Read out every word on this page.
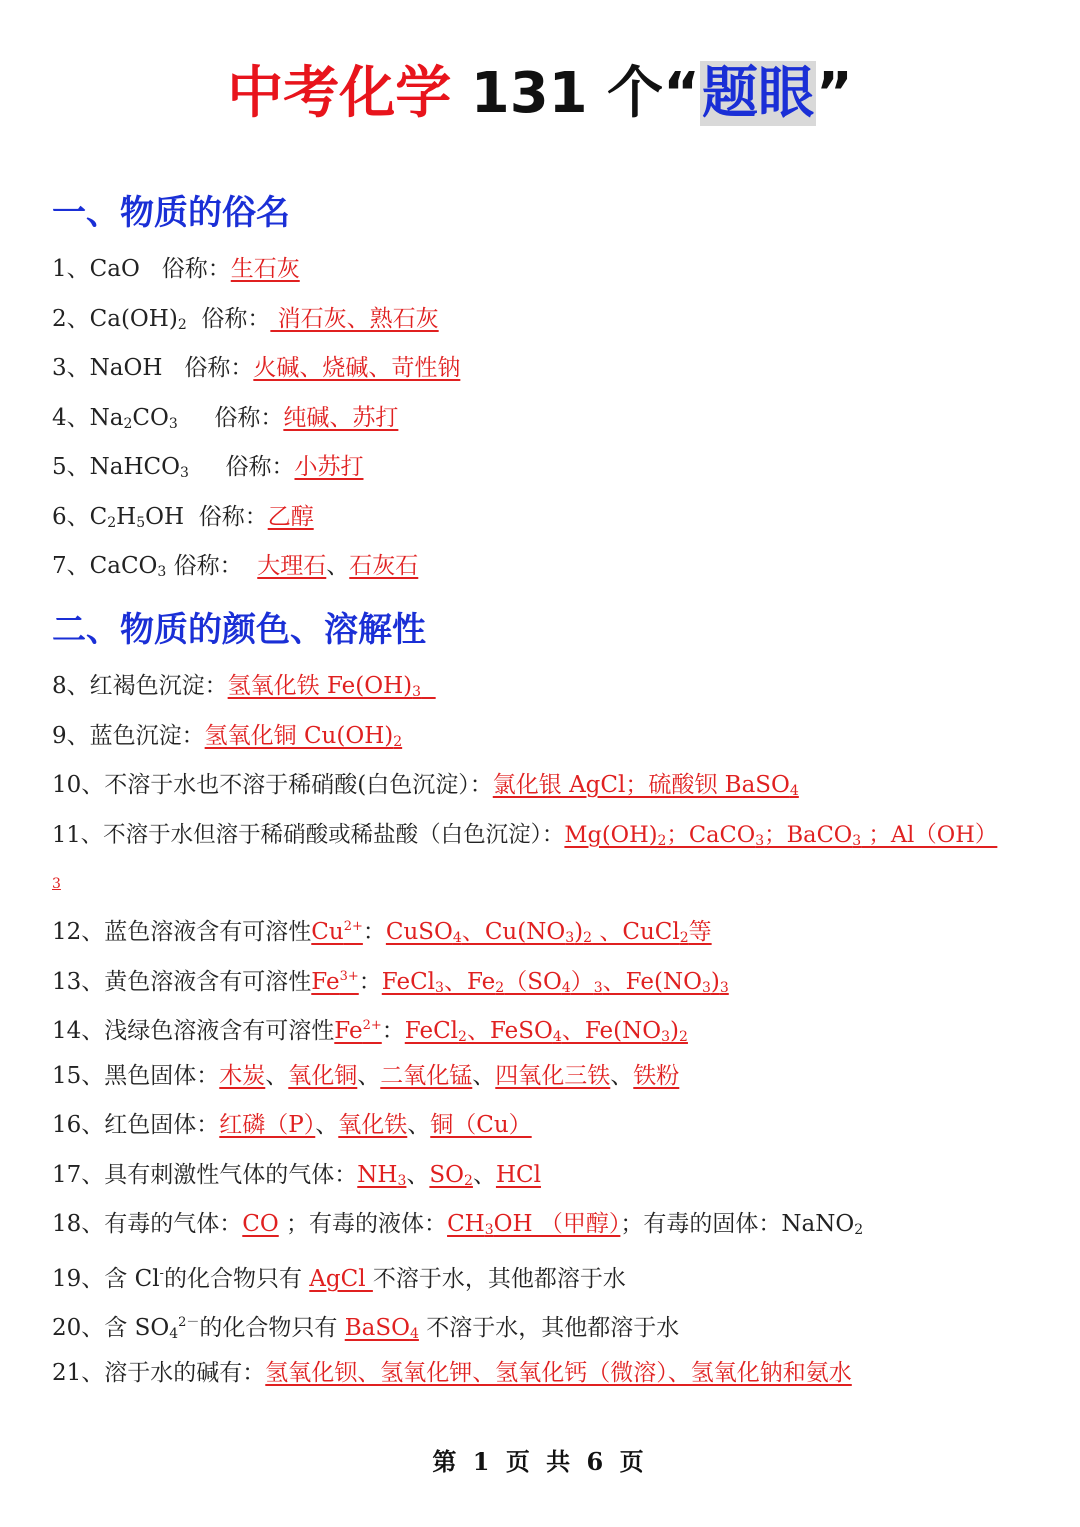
中考化学 131 个“题眼”
一、物质的俗名
1、CaO 俗称：生石灰
2、$Ca(OH)_2$ 俗称： 消石灰、熟石灰
3、NaOH 俗称：火碱、烧碱、苛性钠
4、$Na_2CO_3$ 俗称：纯碱、苏打
5、NaHCO$_3$ 俗称：小苏打
6、$C_2H_5OH$ 俗称：乙醇
7、CaCO$_3$ 俗称： 大理石、石灰石
二、物质的颜色、溶解性
8、红褐色沉淀：氢氧化铁 $Fe(OH)_3$
9、蓝色沉淀：氢氧化铜 $Cu(OH)_2$
10、不溶于水也不溶于稀硝酸(白色沉淀）：氯化银 AgCl；硫酸钡 BaSO$_4$
11、不溶于水但溶于稀硝酸或稀盐酸（白色沉淀）：$Mg(OH)_2$；CaCO$_3$；BaCO$_3$ ；Al（OH）
3
12、蓝色溶液含有可溶性$Cu^{2+}$：CuSO$_4$、$Cu(NO_3)_2$ 、CuCl$_2$等
13、黄色溶液含有可溶性$Fe^{3+}$：FeCl$_3$、$Fe_2(SO_4)_3$、$Fe(NO_3)_3$
14、浅绿色溶液含有可溶性$Fe^{2+}$：FeCl$_2$、FeSO$_4$、$Fe(NO_3)_2$
15、黑色固体：木炭、氧化铜、二氧化锰、四氧化三铁、铁粉
16、红色固体：红磷（P）、氧化铁、铜（Cu）
17、具有刺激性气体的气体：$NH_3$、$SO_2$、HCl
18、有毒的气体：CO ；有毒的液体：$CH_3OH$ （甲醇）；有毒的固体：NaNO$_2$
19、含 Cl-的化合物只有 AgCl 不溶于水，其他都溶于水
20、含 $SO_4^{2-}$的化合物只有 BaSO$_4$ 不溶于水，其他都溶于水
21、溶于水的碱有：氢氧化钡、氢氧化钾、氢氧化钙（微溶）、氢氧化钠和氨水
第 1 页 共 6 页
